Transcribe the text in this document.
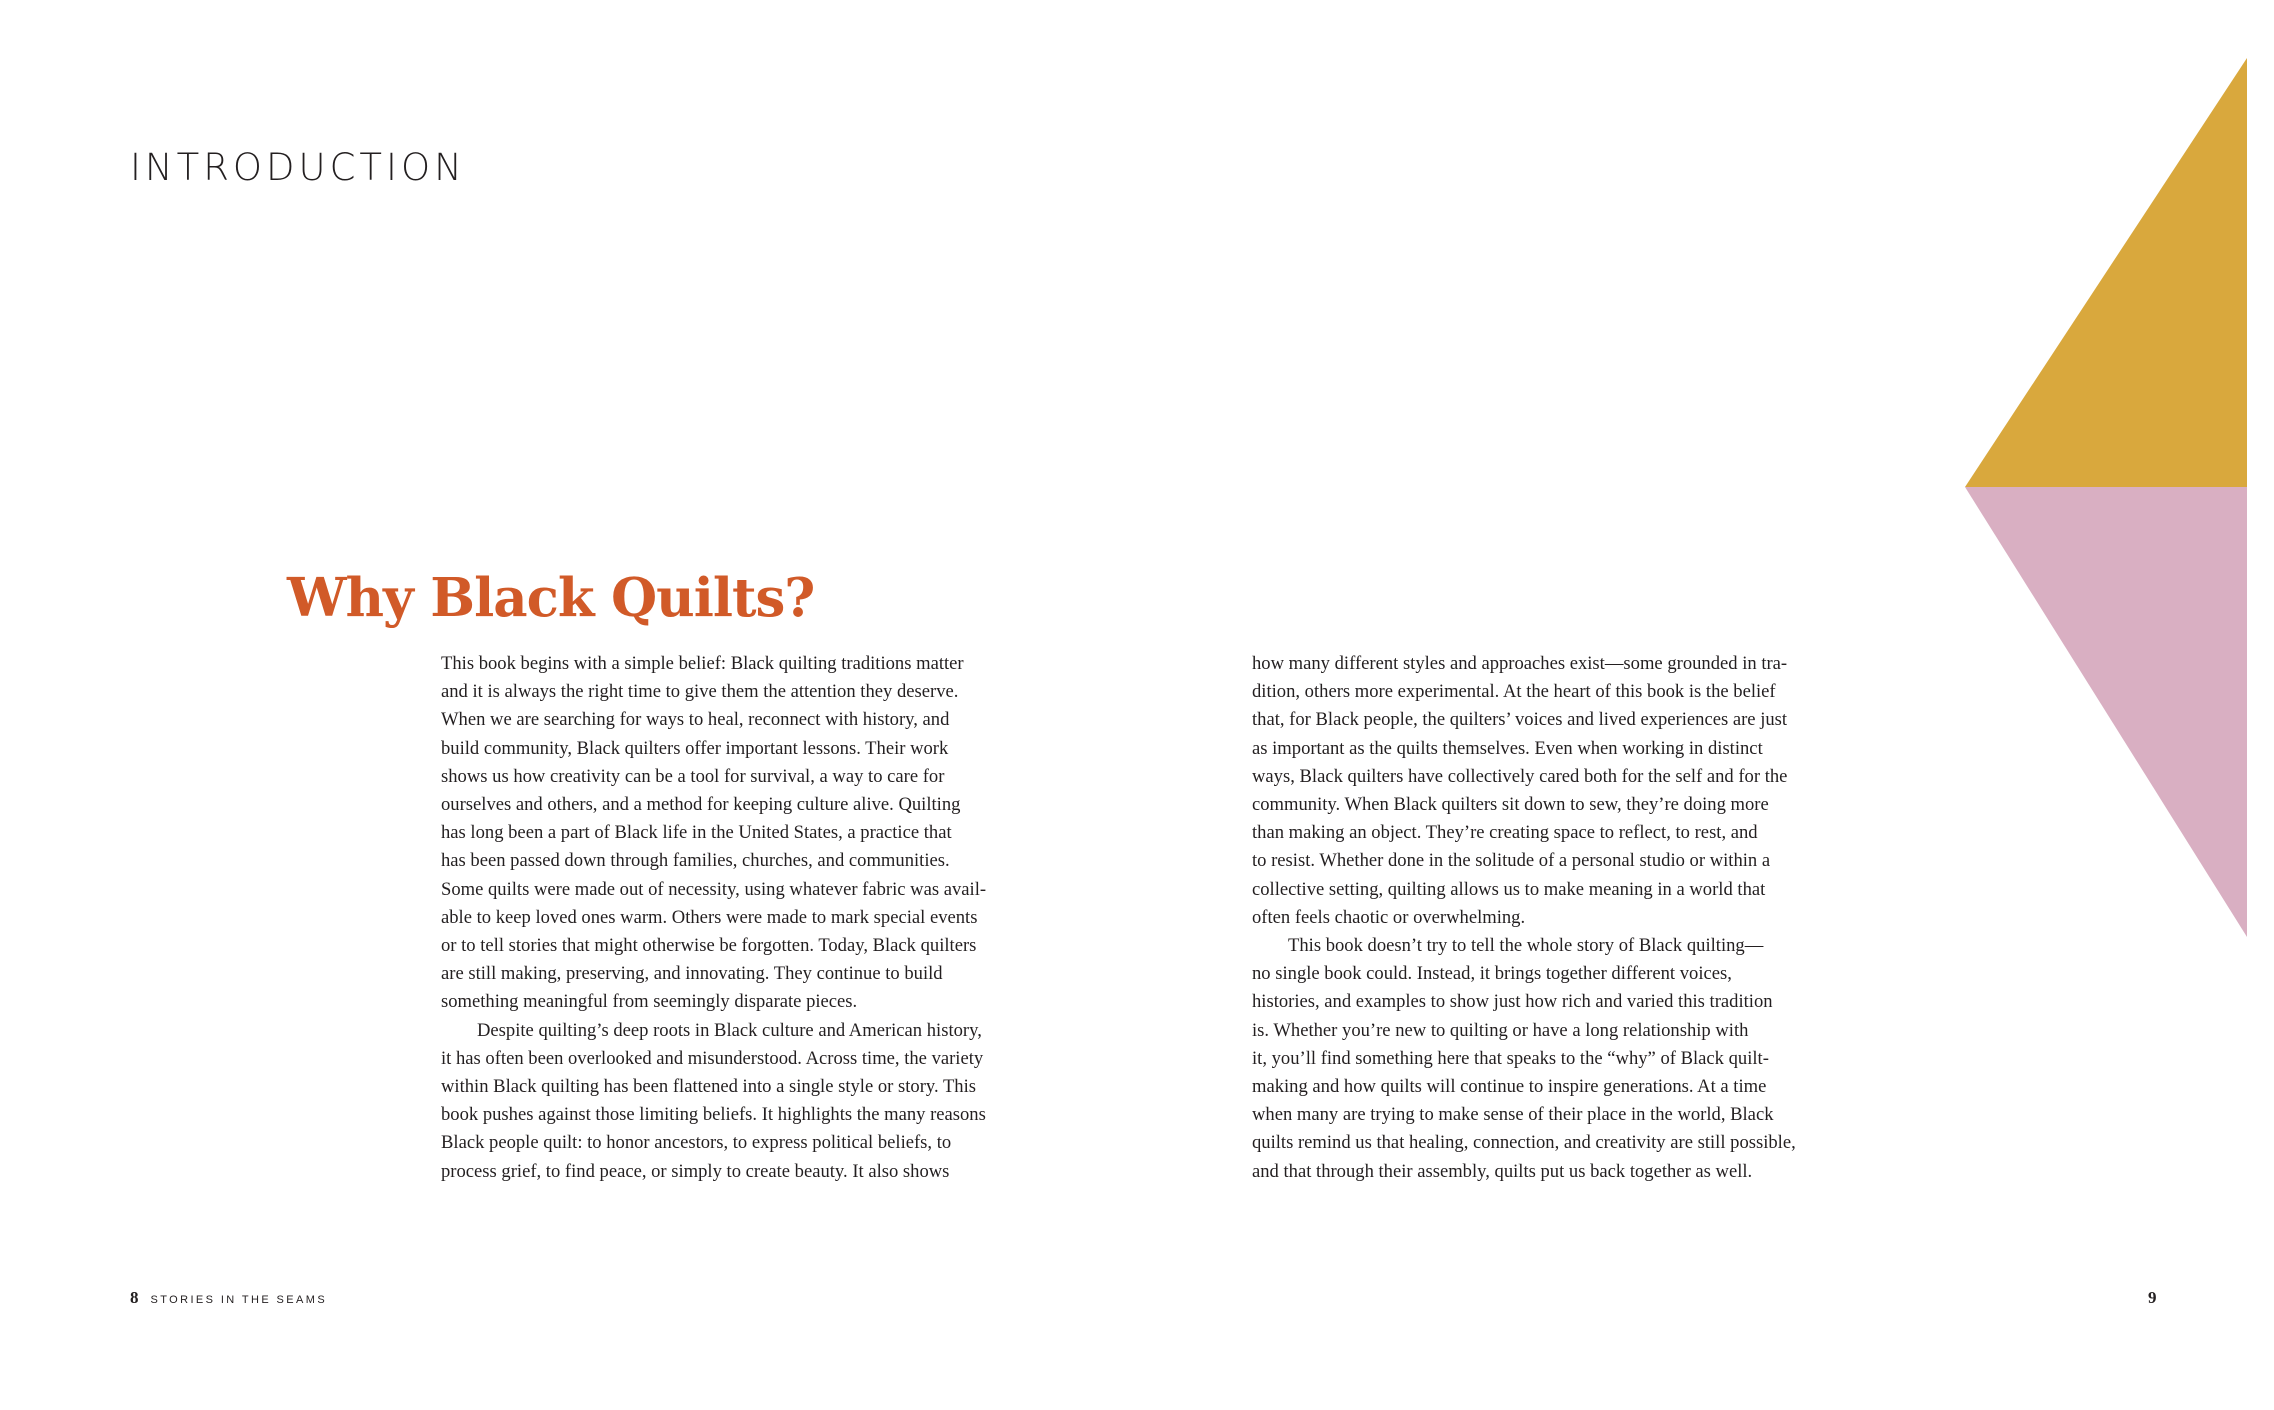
INTRODUCTION
Why Black Quilts?

This book begins with a simple belief: Black quilting traditions matter
and it is always the right time to give them the attention they deserve.
When we are searching for ways to heal, reconnect with history, and
build community, Black quilters offer important lessons. Their work
shows us how creativity can be a tool for survival, a way to care for
ourselves and others, and a method for keeping culture alive. Quilting
has long been a part of Black life in the United States, a practice that
has been passed down through families, churches, and communities.
Some quilts were made out of necessity, using whatever fabric was avail-
able to keep loved ones warm. Others were made to mark special events
or to tell stories that might otherwise be forgotten. Today, Black quilters
are still making, preserving, and innovating. They continue to build
something meaningful from seemingly disparate pieces.

Despite quilting’s deep roots in Black culture and American history,
it has often been overlooked and misunderstood. Across time, the variety
within Black quilting has been flattened into a single style or story. This
book pushes against those limiting beliefs. It highlights the many reasons
Black people quilt: to honor ancestors, to express political beliefs, to
process grief, to find peace, or simply to create beauty. It also shows

how many different styles and approaches exist—some grounded in tra-
dition, others more experimental. At the heart of this book is the belief
that, for Black people, the quilters’ voices and lived experiences are just
as important as the quilts themselves. Even when working in distinct
ways, Black quilters have collectively cared both for the self and for the
community. When Black quilters sit down to sew, they’re doing more
than making an object. They’re creating space to reflect, to rest, and
to resist. Whether done in the solitude of a personal studio or within a
collective setting, quilting allows us to make meaning in a world that
often feels chaotic or overwhelming.

This book doesn’t try to tell the whole story of Black quilting—
no single book could. Instead, it brings together different voices,
histories, and examples to show just how rich and varied this tradition
is. Whether you’re new to quilting or have a long relationship with
it, you’ll find something here that speaks to the “why” of Black quilt-
making and how quilts will continue to inspire generations. At a time
when many are trying to make sense of their place in the world, Black
quilts remind us that healing, connection, and creativity are still possible,
and that through their assembly, quilts put us back together as well.

8 STORIES IN THE SEAMS	9
